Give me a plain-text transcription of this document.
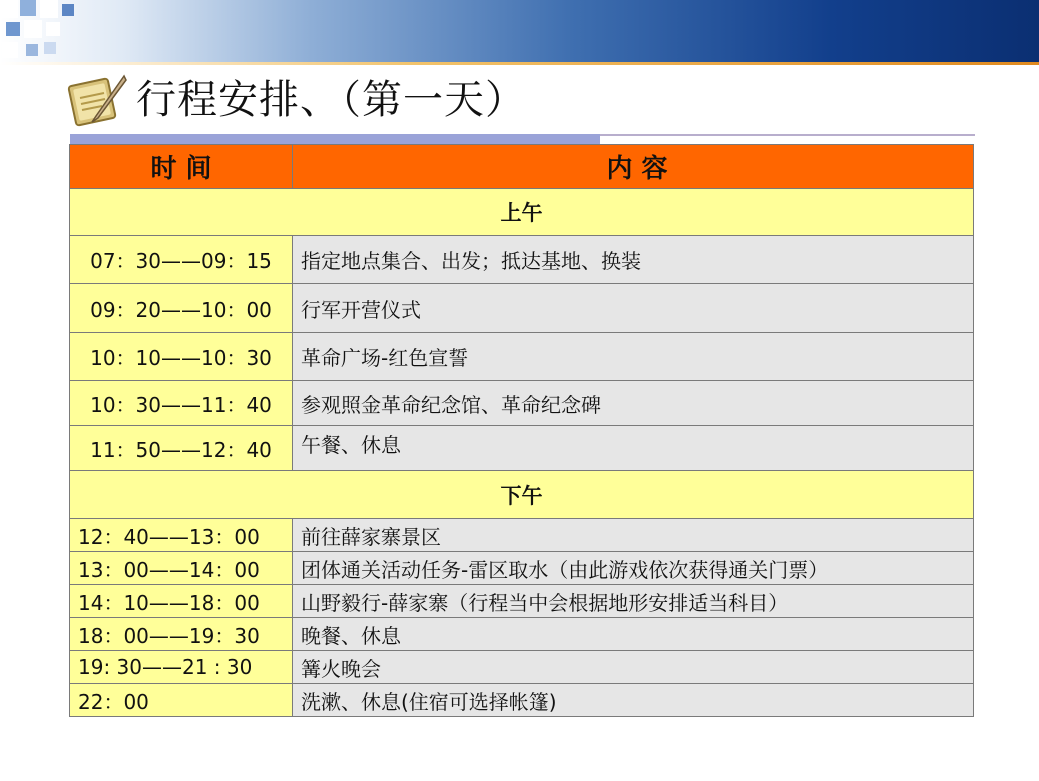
行程安排、（第一天）
时 间	内 容
上午
07：30——09：15	指定地点集合、出发；抵达基地、换装
09：20——10：00	行军开营仪式
10：10——10：30	革命广场-红色宣誓
10：30——11：40	参观照金革命纪念馆、革命纪念碑
11：50——12：40	午餐、休息
下午
12：40——13：00	前往薛家寨景区
13：00——14：00	团体通关活动任务-雷区取水（由此游戏依次获得通关门票）
14：10——18：00	山野毅行-薛家寨（行程当中会根据地形安排适当科目）
18：00——19：30	晚餐、休息
19: 30——21 : 30	篝火晚会
22：00	洗漱、休息(住宿可选择帐篷)
